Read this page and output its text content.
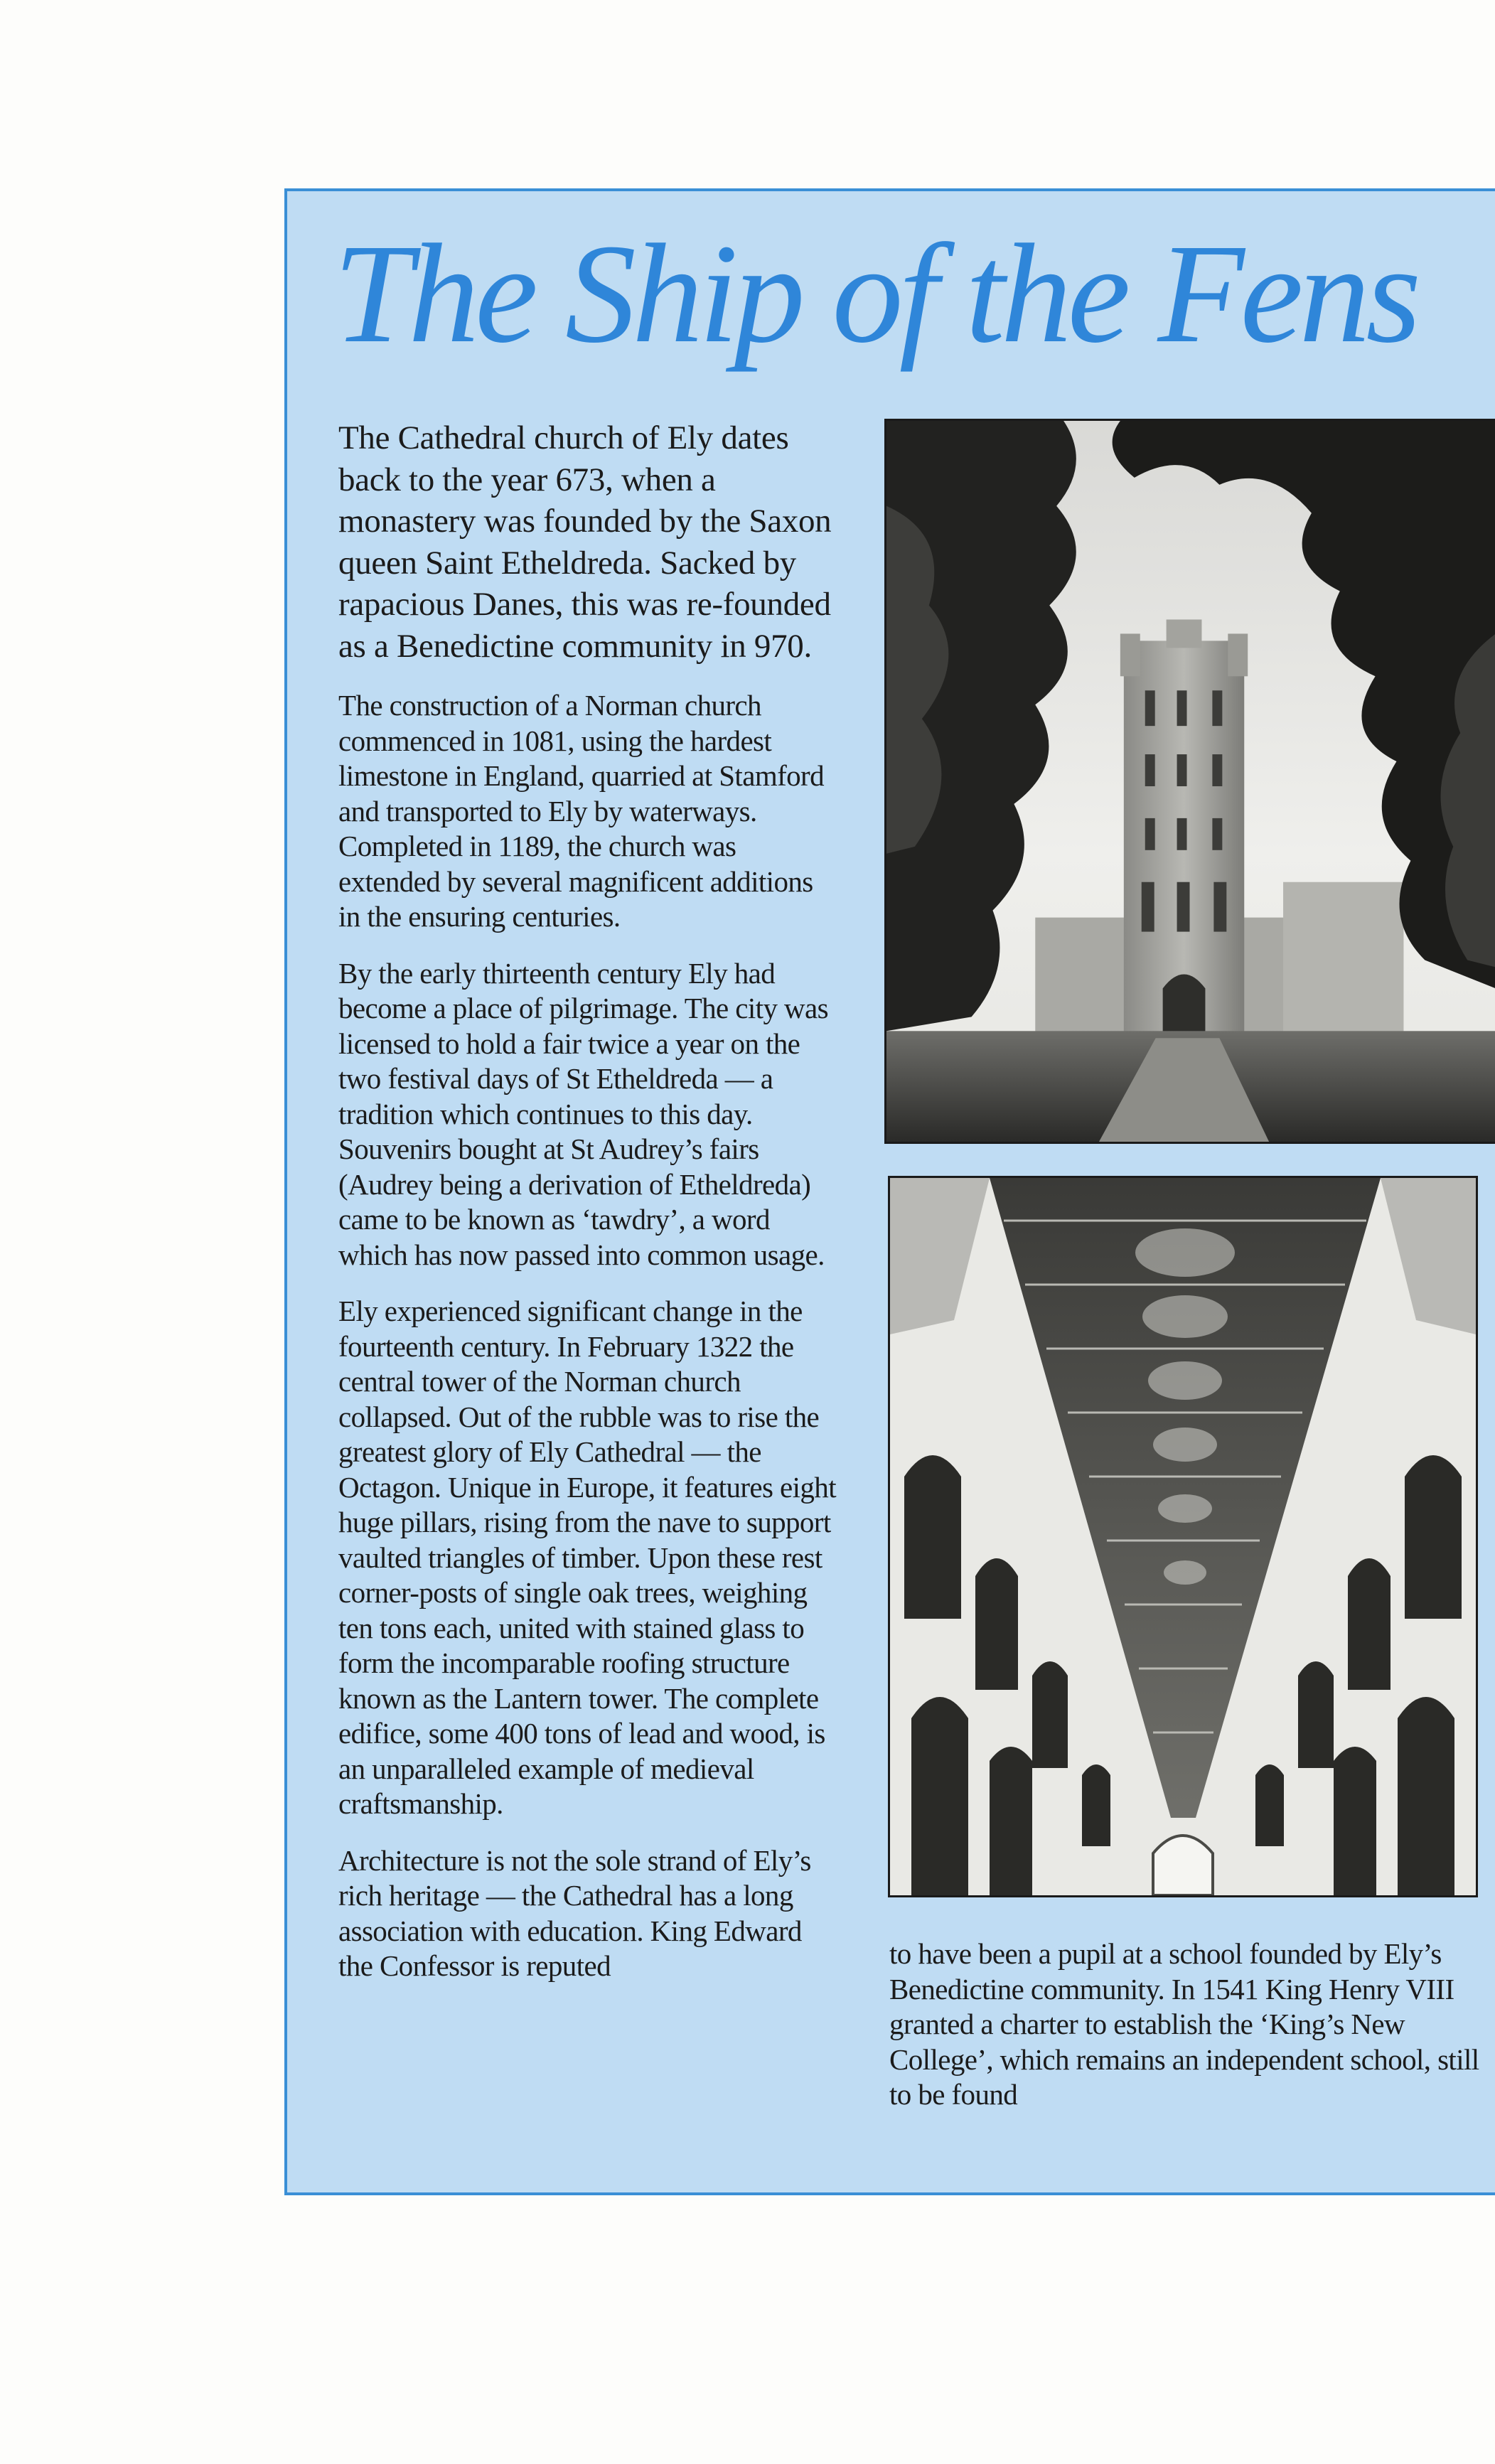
The Ship of the Fens

The Cathedral church of Ely dates back to the year 673, when a monastery was founded by the Saxon queen Saint Etheldreda. Sacked by rapacious Danes, this was re-founded as a Benedictine community in 970.

The construction of a Norman church commenced in 1081, using the hardest limestone in England, quarried at Stamford and transported to Ely by waterways. Completed in 1189, the church was extended by several magnificent additions in the ensuring centuries.

By the early thirteenth century Ely had become a place of pilgrimage. The city was licensed to hold a fair twice a year on the two festival days of St Etheldreda — a tradition which continues to this day. Souvenirs bought at St Audrey’s fairs (Audrey being a derivation of Etheldreda) came to be known as ‘tawdry’, a word which has now passed into common usage.

Ely experienced significant change in the fourteenth century. In February 1322 the central tower of the Norman church collapsed. Out of the rubble was to rise the greatest glory of Ely Cathedral — the Octagon. Unique in Europe, it features eight huge pillars, rising from the nave to support vaulted triangles of timber. Upon these rest corner-posts of single oak trees, weighing ten tons each, united with stained glass to form the incomparable roofing structure known as the Lantern tower. The complete edifice, some 400 tons of lead and wood, is an unparalleled example of medieval craftsmanship.

Architecture is not the sole strand of Ely’s rich heritage — the Cathedral has a long association with education. King Edward the Confessor is reputed	to have been a pupil at a school founded by Ely’s Benedictine community. In 1541 King Henry VIII granted a charter to establish the ‘King’s New College’, which remains an independent school, still to be found
